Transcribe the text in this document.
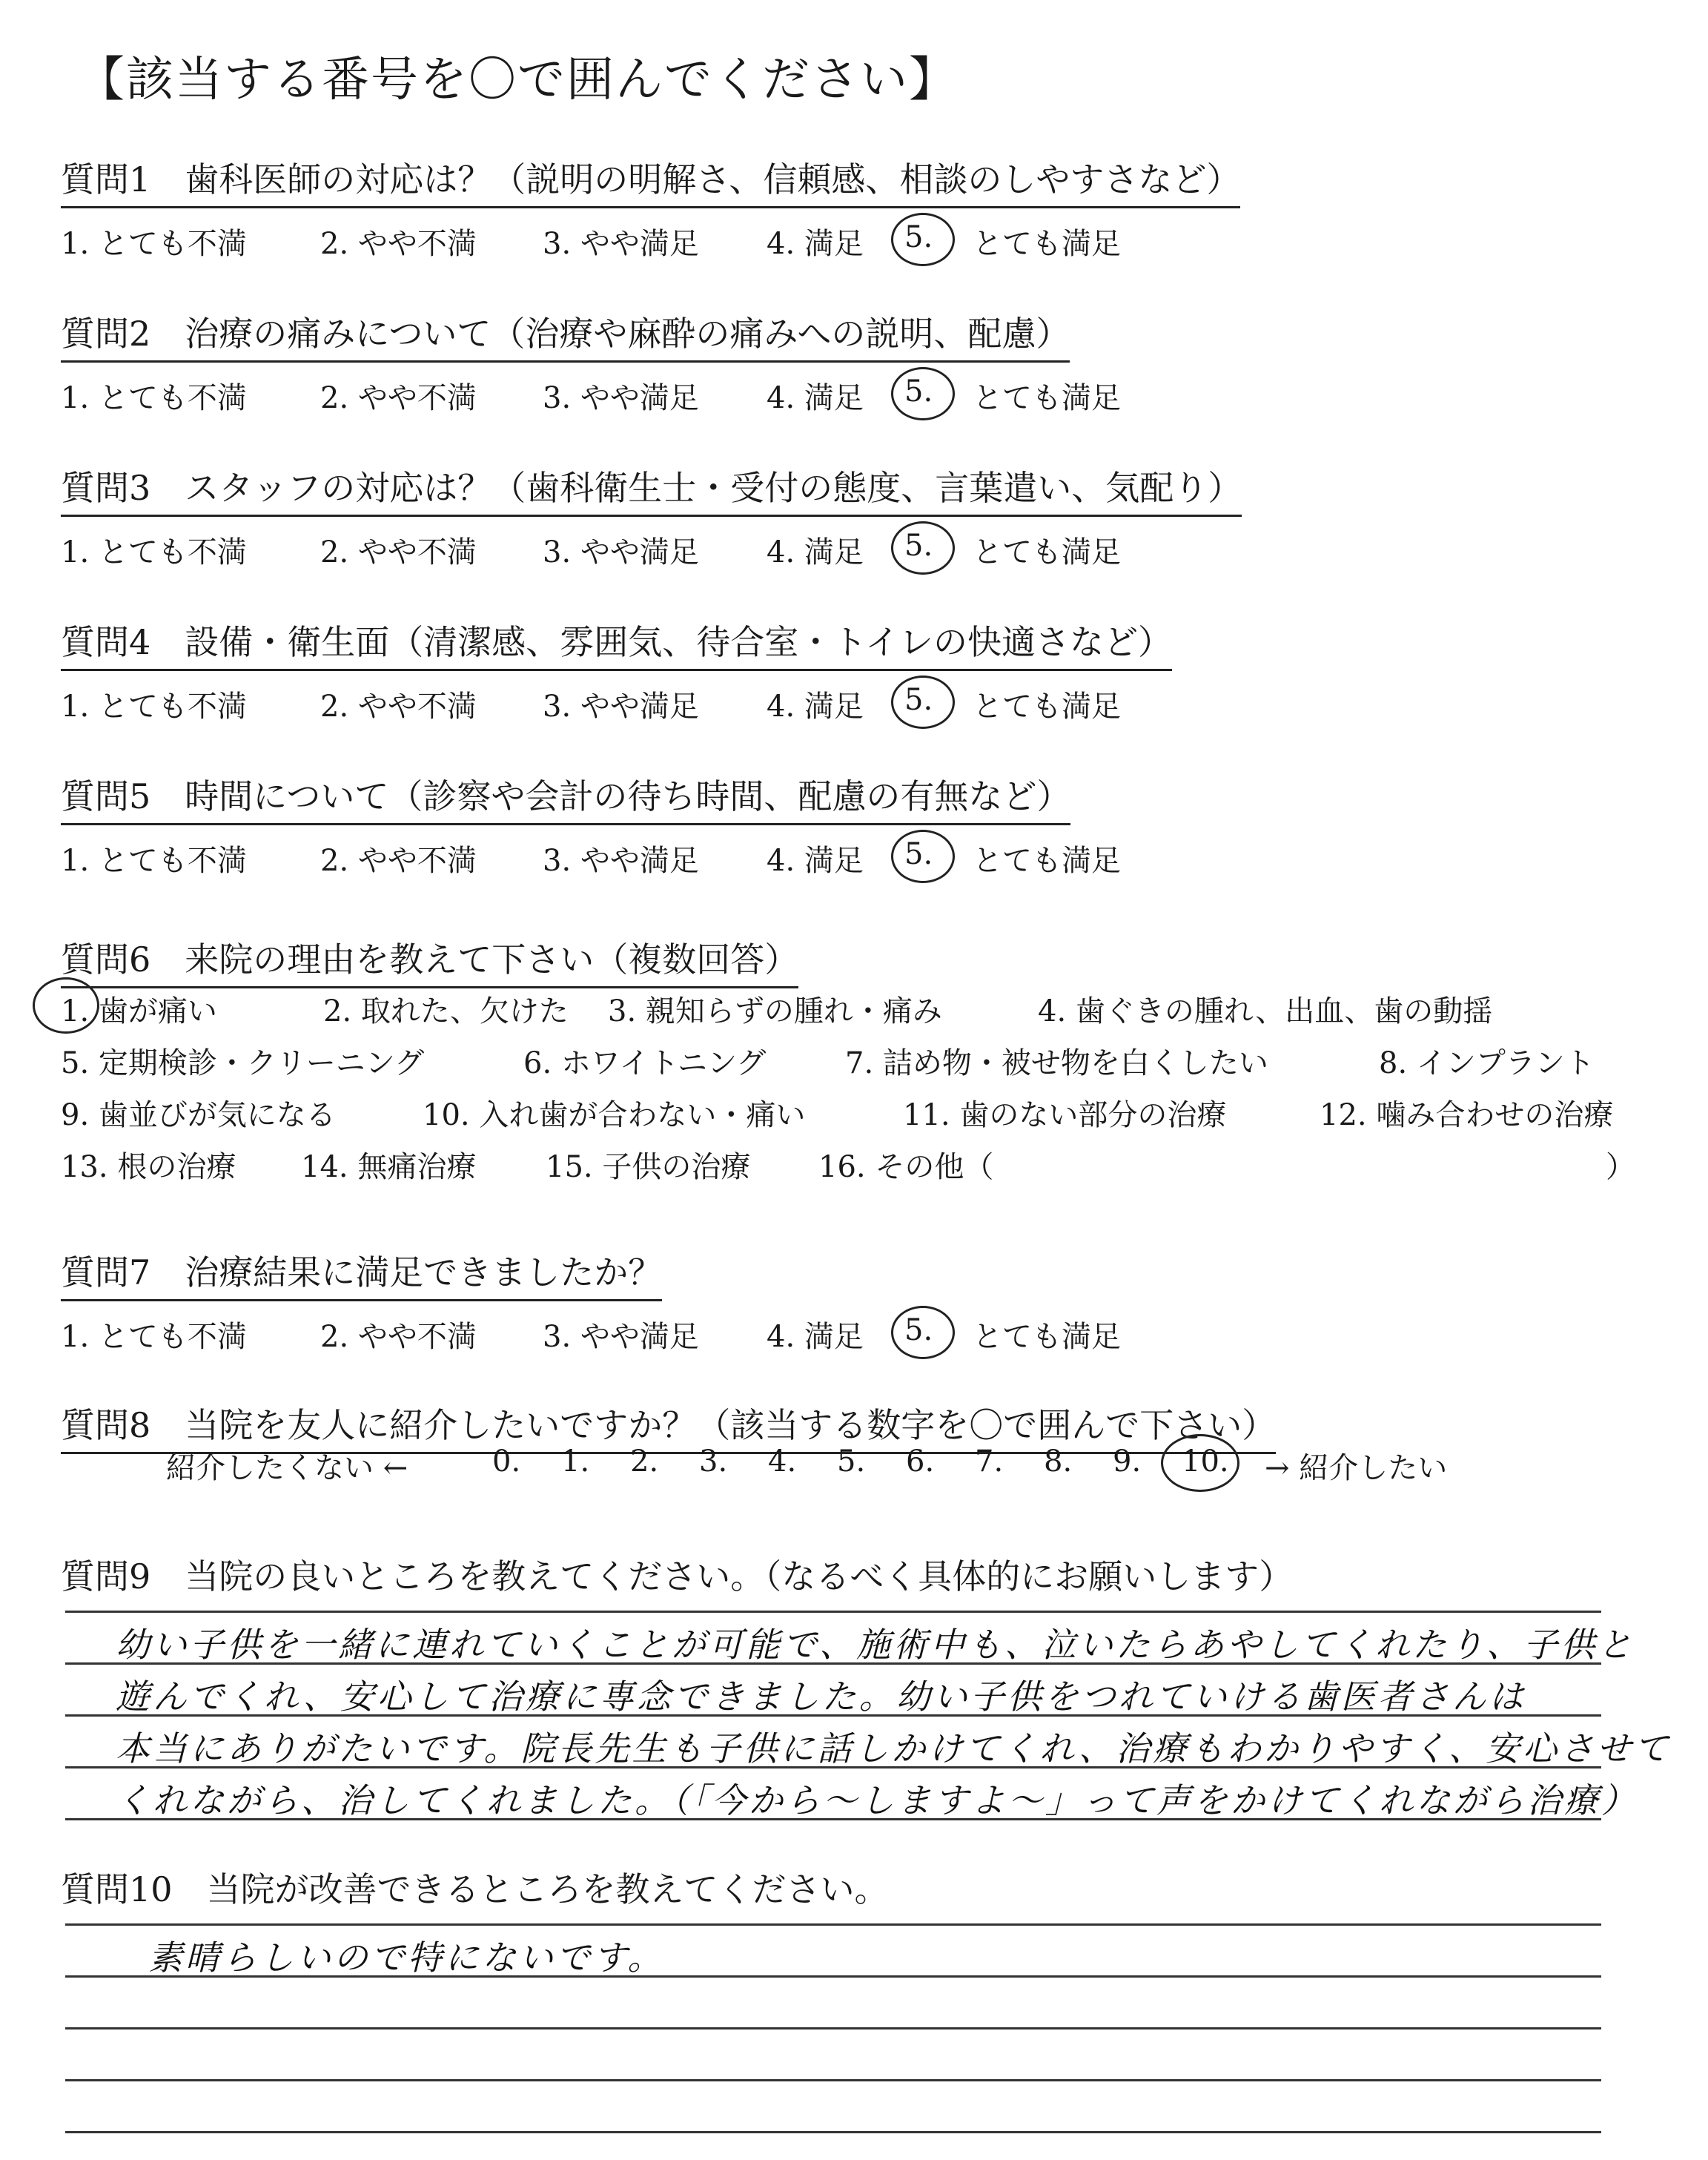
【該当する番号を〇で囲んでください】
質問1　歯科医師の対応は？（説明の明解さ、信頼感、相談のしやすさなど）
1. とても不満 2. やや不満 3. やや満足 4. 満足 5. とても満足
質問2　治療の痛みについて（治療や麻酔の痛みへの説明、配慮）
1. とても不満 2. やや不満 3. やや満足 4. 満足 5. とても満足
質問3　スタッフの対応は？（歯科衛生士・受付の態度、言葉遣い、気配り）
1. とても不満 2. やや不満 3. やや満足 4. 満足 5. とても満足
質問4　設備・衛生面（清潔感、雰囲気、待合室・トイレの快適さなど）
1. とても不満 2. やや不満 3. やや満足 4. 満足 5. とても満足
質問5　時間について（診察や会計の待ち時間、配慮の有無など）
1. とても不満 2. やや不満 3. やや満足 4. 満足 5. とても満足
質問6　来院の理由を教えて下さい（複数回答）
1. 歯が痛い	2. 取れた、欠けた 3. 親知らずの腫れ・痛み	4. 歯ぐきの腫れ、出血、歯の動揺
5. 定期検診・クリーニング	6. ホワイトニング	7. 詰め物・被せ物を白くしたい	8. インプラント
9. 歯並びが気になる	10. 入れ歯が合わない・痛い	11. 歯のない部分の治療	12. 噛み合わせの治療
13. 根の治療 14. 無痛治療 15. 子供の治療 16. その他（	）
質問7　治療結果に満足できましたか？
1. とても不満 2. やや不満 3. やや満足 4. 満足 5. とても満足
質問8　当院を友人に紹介したいですか？（該当する数字を〇で囲んで下さい）
紹介したくない ←	0. 1. 2. 3. 4. 5. 6. 7. 8. 9. 10. → 紹介したい
質問9　当院の良いところを教えてください。（なるべく具体的にお願いします）
幼い子供を一緒に連れていくことが可能で、施術中も、泣いたらあやしてくれたり、子供と
遊んでくれ、安心して治療に専念できました。幼い子供をつれていける歯医者さんは
本当にありがたいです。院長先生も子供に話しかけてくれ、治療もわかりやすく、安心させて
くれながら、治してくれました。（「今から～しますよ～」って声をかけてくれながら治療）
質問10　当院が改善できるところを教えてください。
素晴らしいので特にないです。
